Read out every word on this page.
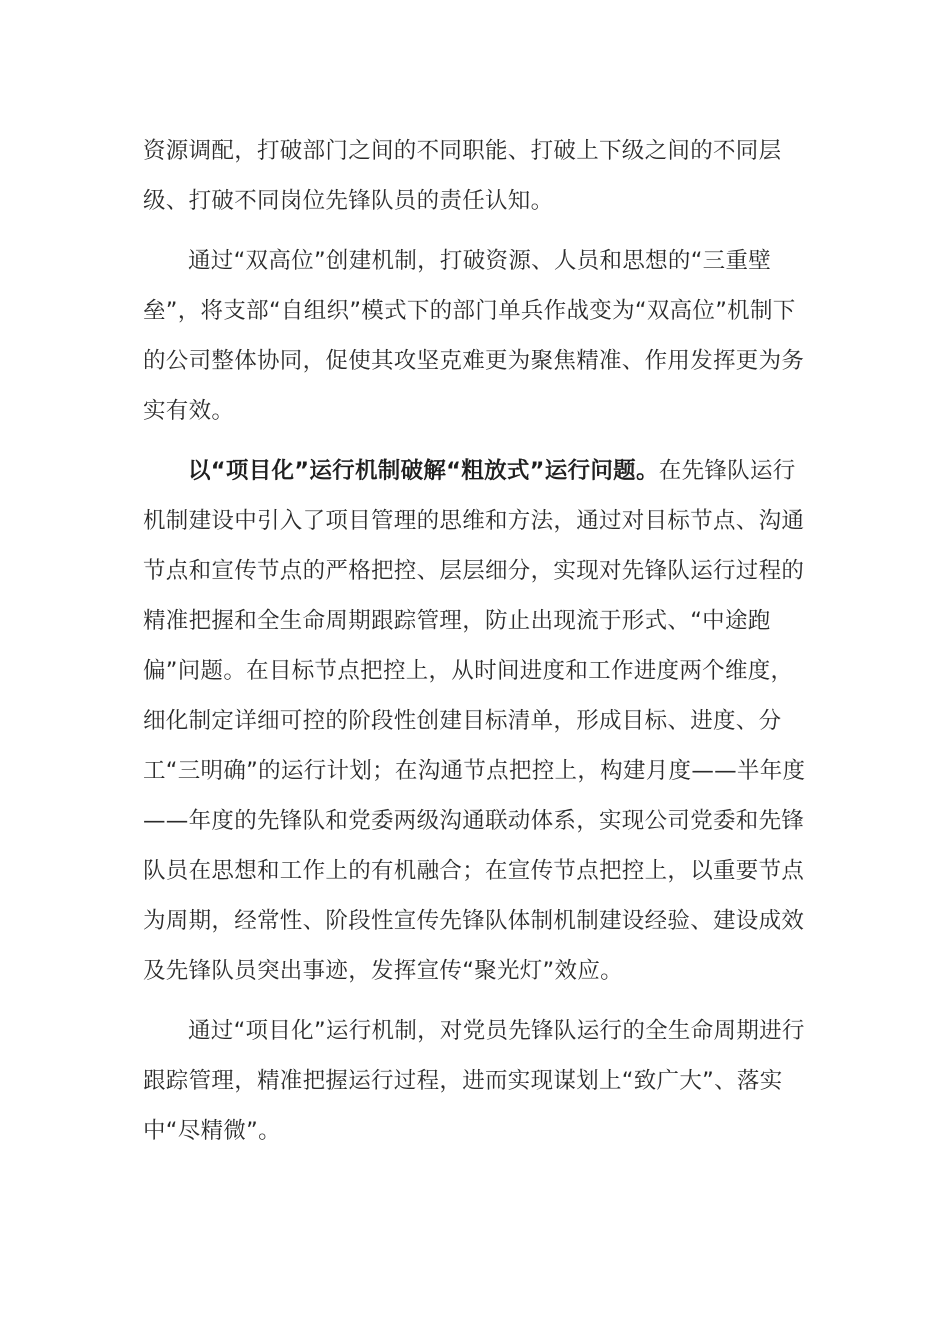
资源调配，打破部门之间的不同职能、打破上下级之间的不同层级、打破不同岗位先锋队员的责任认知。

通过“双高位”创建机制，打破资源、人员和思想的“三重壁垒”，将支部“自组织”模式下的部门单兵作战变为“双高位”机制下的公司整体协同，促使其攻坚克难更为聚焦精准、作用发挥更为务实有效。

以“项目化”运行机制破解“粗放式”运行问题。在先锋队运行机制建设中引入了项目管理的思维和方法，通过对目标节点、沟通节点和宣传节点的严格把控、层层细分，实现对先锋队运行过程的精准把握和全生命周期跟踪管理，防止出现流于形式、“中途跑偏”问题。在目标节点把控上，从时间进度和工作进度两个维度，细化制定详细可控的阶段性创建目标清单，形成目标、进度、分工“三明确”的运行计划；在沟通节点把控上，构建月度——半年度——年度的先锋队和党委两级沟通联动体系，实现公司党委和先锋队员在思想和工作上的有机融合；在宣传节点把控上，以重要节点为周期，经常性、阶段性宣传先锋队体制机制建设经验、建设成效及先锋队员突出事迹，发挥宣传“聚光灯”效应。

通过“项目化”运行机制，对党员先锋队运行的全生命周期进行跟踪管理，精准把握运行过程，进而实现谋划上“致广大”、落实中“尽精微”。
